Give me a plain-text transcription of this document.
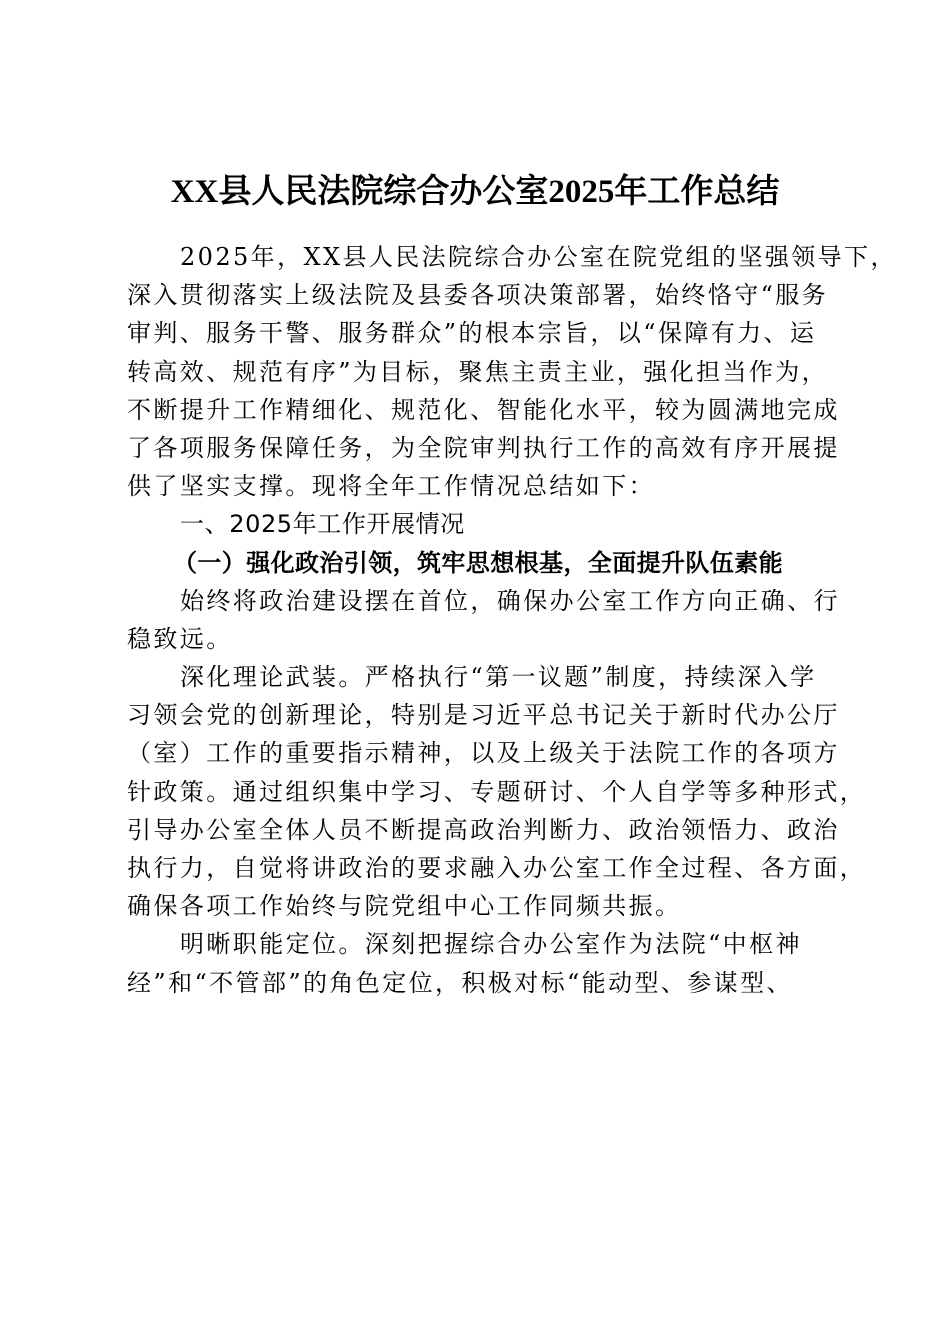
XX县人民法院综合办公室2025年工作总结
2025年，XX县人民法院综合办公室在院党组的坚强领导下，
深入贯彻落实上级法院及县委各项决策部署，始终恪守“服务
审判、服务干警、服务群众”的根本宗旨，以“保障有力、运
转高效、规范有序”为目标，聚焦主责主业，强化担当作为，
不断提升工作精细化、规范化、智能化水平，较为圆满地完成
了各项服务保障任务，为全院审判执行工作的高效有序开展提
供了坚实支撑。现将全年工作情况总结如下：
一、2025年工作开展情况
（一）强化政治引领，筑牢思想根基，全面提升队伍素能
始终将政治建设摆在首位，确保办公室工作方向正确、行
稳致远。
深化理论武装。严格执行“第一议题”制度，持续深入学
习领会党的创新理论，特别是习近平总书记关于新时代办公厅
（室）工作的重要指示精神，以及上级关于法院工作的各项方
针政策。通过组织集中学习、专题研讨、个人自学等多种形式，
引导办公室全体人员不断提高政治判断力、政治领悟力、政治
执行力，自觉将讲政治的要求融入办公室工作全过程、各方面，
确保各项工作始终与院党组中心工作同频共振。
明晰职能定位。深刻把握综合办公室作为法院“中枢神
经”和“不管部”的角色定位，积极对标“能动型、参谋型、
